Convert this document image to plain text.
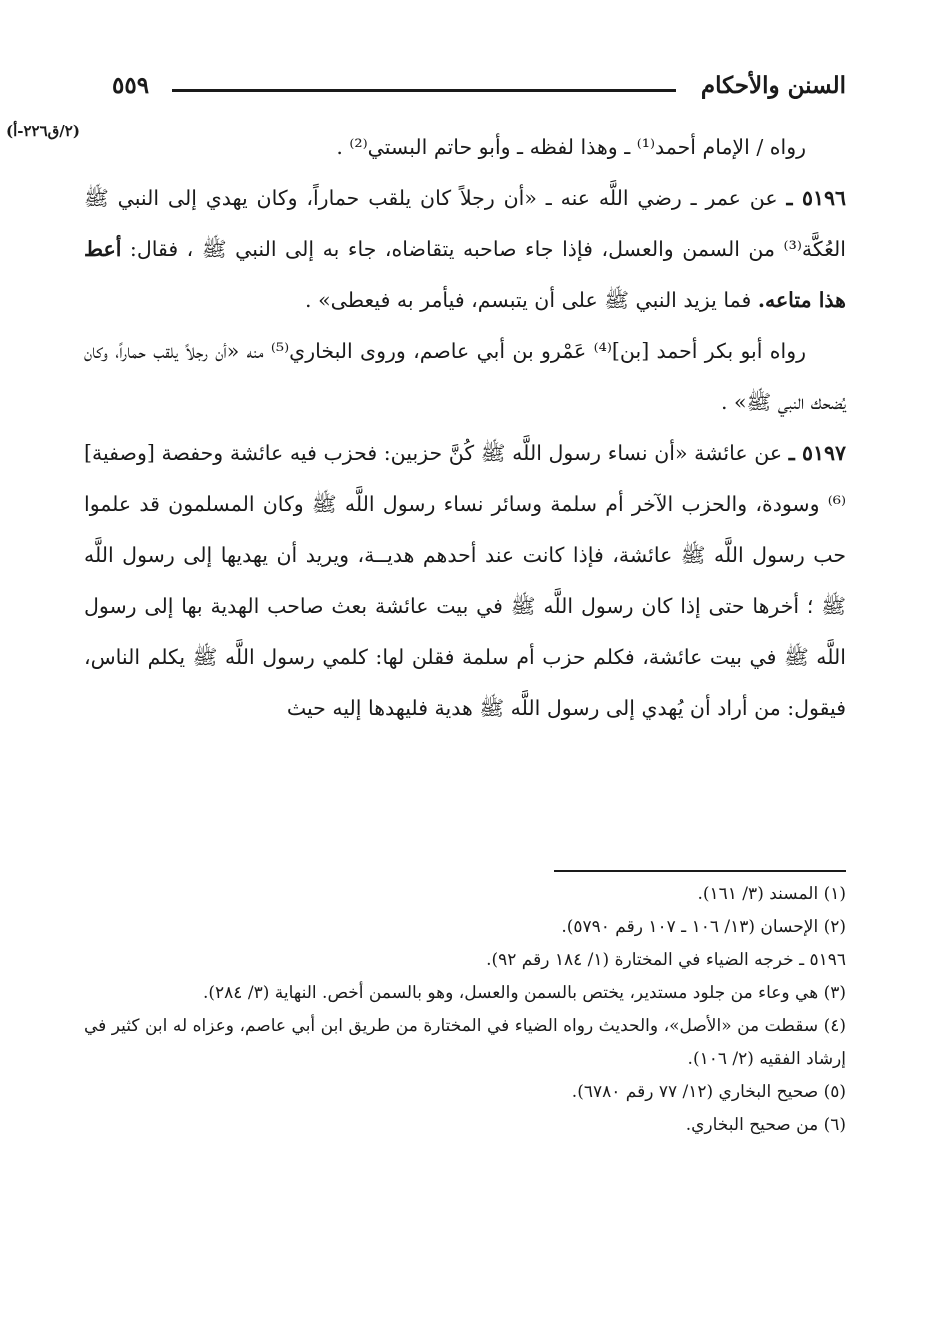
السنن والأحكام
٥٥٩
(٢/ق٢٢٦-أ)

رواه / الإمام أحمد⁽¹⁾ ـ وهذا لفظه ـ وأبو حاتم البستي⁽²⁾ .

٥١٩٦ ـ عن عمر ـ رضي اللَّه عنه ـ «أن رجلاً كان يلقب حماراً، وكان يهدي إلى النبي ﷺ العُكَّة⁽³⁾ من السمن والعسل، فإذا جاء صاحبه يتقاضاه، جاء به إلى النبي ﷺ ، فقال: أعط هذا متاعه. فما يزيد النبي ﷺ على أن يتبسم، فيأمر به فيعطى» .

رواه أبو بكر أحمد [بن]⁽⁴⁾ عَمْرو بن أبي عاصم، وروى البخاري⁽⁵⁾ منه «أن رجلاً يلقب حماراً، وكان يُضحك النبي ﷺ» .

٥١٩٧ ـ عن عائشة «أن نساء رسول اللَّه ﷺ كُنَّ حزبين: فحزب فيه عائشة وحفصة [وصفية]⁽⁶⁾ وسودة، والحزب الآخر أم سلمة وسائر نساء رسول اللَّه ﷺ وكان المسلمون قد علموا حب رسول اللَّه ﷺ عائشة، فإذا كانت عند أحدهم هديــة، ويريد أن يهديها إلى رسول اللَّه ﷺ ؛ أخرها حتى إذا كان رسول اللَّه ﷺ في بيت عائشة بعث صاحب الهدية بها إلى رسول اللَّه ﷺ في بيت عائشة، فكلم حزب أم سلمة فقلن لها: كلمي رسول اللَّه ﷺ يكلم الناس، فيقول: من أراد أن يُهدي إلى رسول اللَّه ﷺ هدية فليهدها إليه حيث

(١) المسند (٣/ ١٦١).

(٢) الإحسان (١٣/ ١٠٦ ـ ١٠٧ رقم ٥٧٩٠).

٥١٩٦ ـ خرجه الضياء في المختارة (١/ ١٨٤ رقم ٩٢).

(٣) هي وعاء من جلود مستدير، يختص بالسمن والعسل، وهو بالسمن أخص. النهاية (٣/ ٢٨٤).

(٤) سقطت من «الأصل»، والحديث رواه الضياء في المختارة من طريق ابن أبي عاصم، وعزاه له ابن كثير في إرشاد الفقيه (٢/ ١٠٦).

(٥) صحيح البخاري (١٢/ ٧٧ رقم ٦٧٨٠).

(٦) من صحيح البخاري.
